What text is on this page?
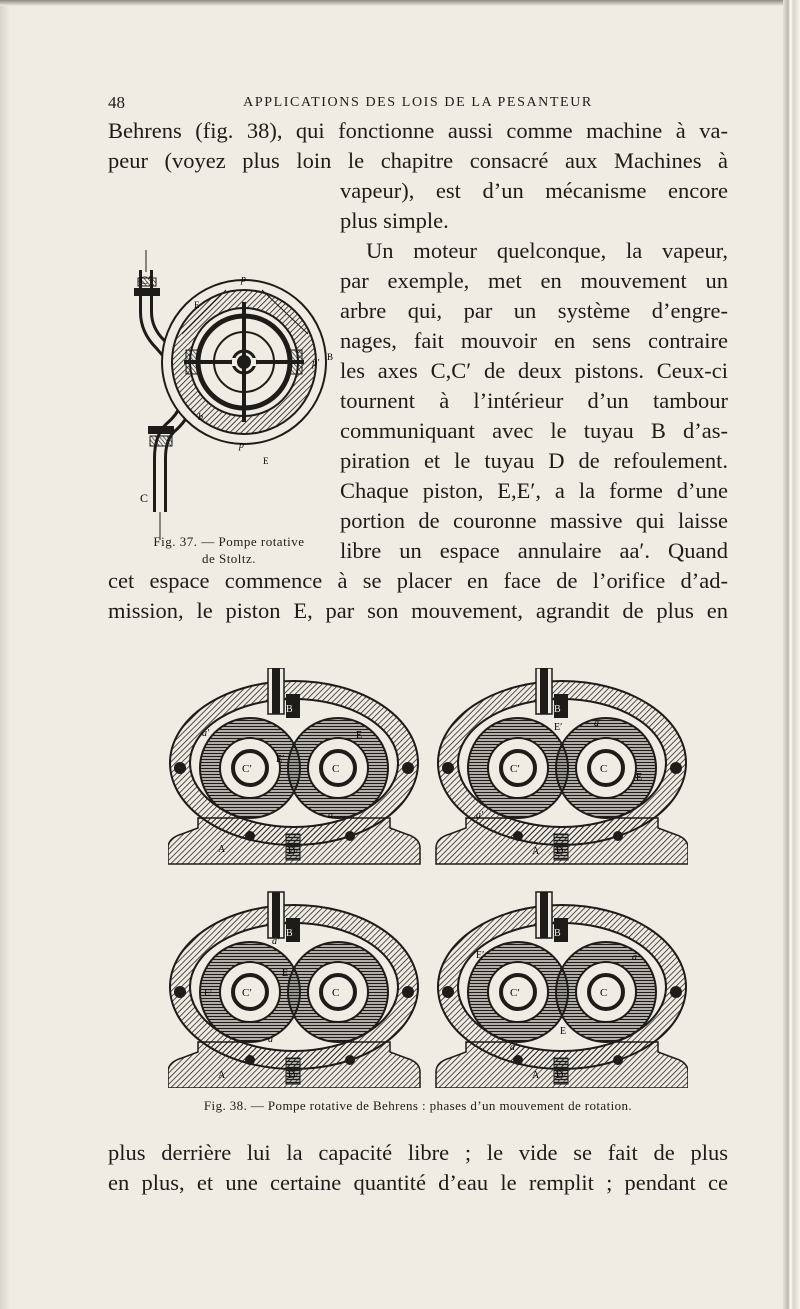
48	APPLICATIONS DES LOIS DE LA PESANTEUR
Behrens (fig. 38), qui fonctionne aussi comme machine à va-
peur (voyez plus loin le chapitre consacré aux Machines à
vapeur), est d’un mécanisme encore
plus simple.
Un moteur quelconque, la vapeur,
par exemple, met en mouvement un
arbre qui, par un système d’engre-
nages, fait mouvoir en sens contraire
les axes C,C′ de deux pistons. Ceux-ci
tournent à l’intérieur d’un tambour
communiquant avec le tuyau B d’as-
piration et le tuyau D de refoulement.
Chaque piston, E,E′, a la forme d’une
portion de couronne massive qui laisse
libre un espace annulaire aa′. Quand
C′
C
E
B
E
p
p
b
p′
Fig. 37. — Pompe rotative
de Stoltz.
cet espace commence à se placer en face de l’orifice d’ad-
mission, le piston E, par son mouvement, agrandit de plus en
B
D
A
C
C′
E
E′
a
a′
B
D
A
C
C′
E
E′	a
a′
B
D
A
C
C′
E
E′
a
a′
B
D
A
C
C′
E
E′	a
a′
Fig. 38. — Pompe rotative de Behrens : phases d’un mouvement de rotation.
plus derrière lui la capacité libre ; le vide se fait de plus
en plus, et une certaine quantité d’eau le remplit ; pendant ce
